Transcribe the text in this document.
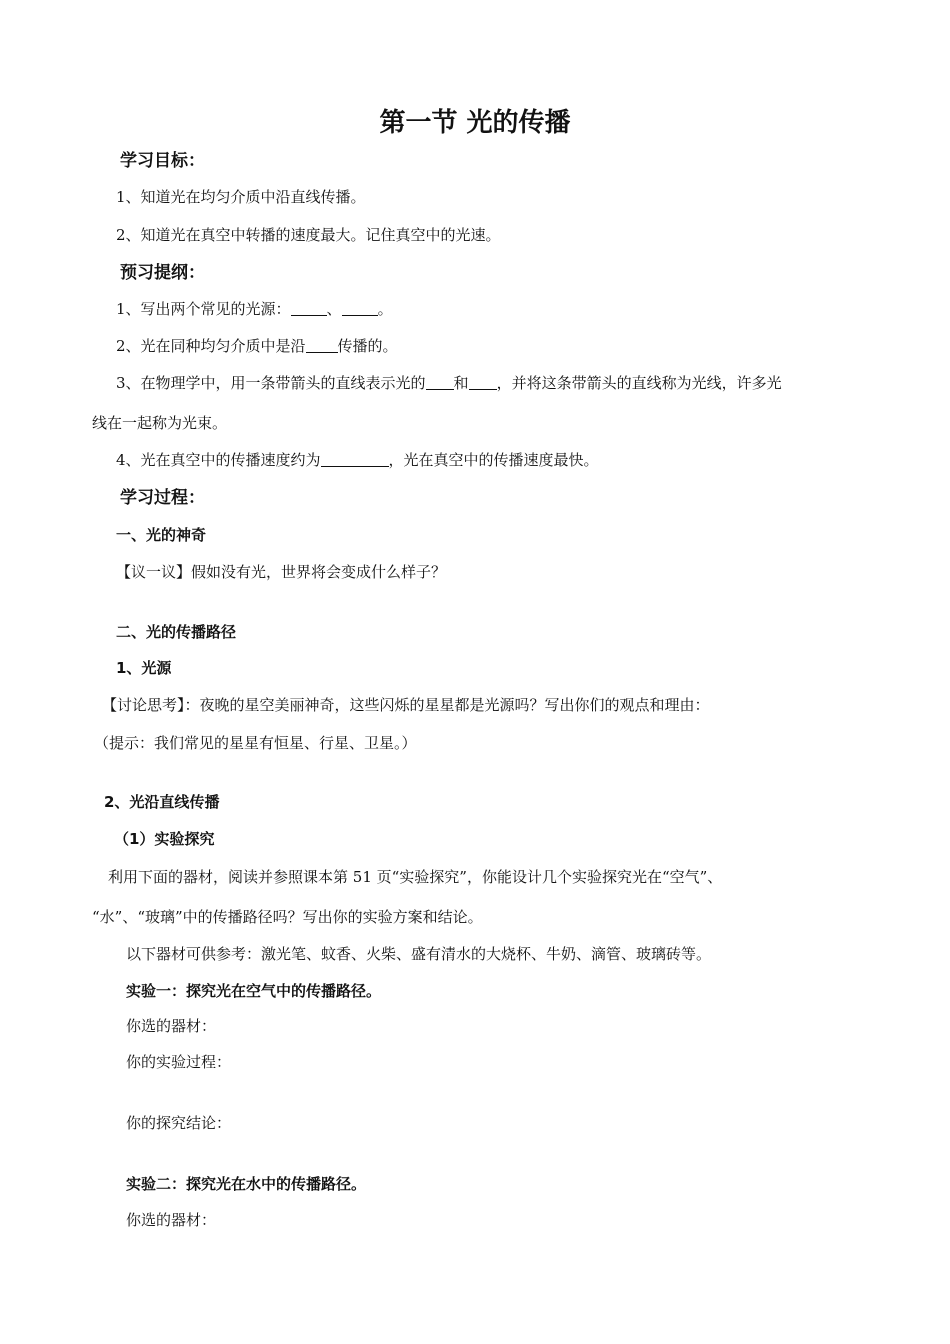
第一节 光的传播
学习目标：
1、知道光在均匀介质中沿直线传播。
2、知道光在真空中转播的速度最大。记住真空中的光速。
预习提纲：
1、写出两个常见的光源： 、 。
2、光在同种均匀介质中是沿 传播的。
3、在物理学中，用一条带箭头的直线表示光的 和 ，并将这条带箭头的直线称为光线，许多光
线在一起称为光束。
4、光在真空中的传播速度约为	，光在真空中的传播速度最快。
学习过程：
一、光的神奇
【议一议】假如没有光，世界将会变成什么样子？
二、光的传播路径
1、光源
【讨论思考】：夜晚的星空美丽神奇，这些闪烁的星星都是光源吗？写出你们的观点和理由：
（提示：我们常见的星星有恒星、行星、卫星。）
2、光沿直线传播
（1）实验探究
利用下面的器材，阅读并参照课本第 51 页“实验探究”，你能设计几个实验探究光在“空气”、
“水”、“玻璃”中的传播路径吗？写出你的实验方案和结论。
以下器材可供参考：激光笔、蚊香、火柴、盛有清水的大烧杯、牛奶、滴管、玻璃砖等。
实验一：探究光在空气中的传播路径。
你选的器材：
你的实验过程：
你的探究结论：
实验二：探究光在水中的传播路径。
你选的器材：
